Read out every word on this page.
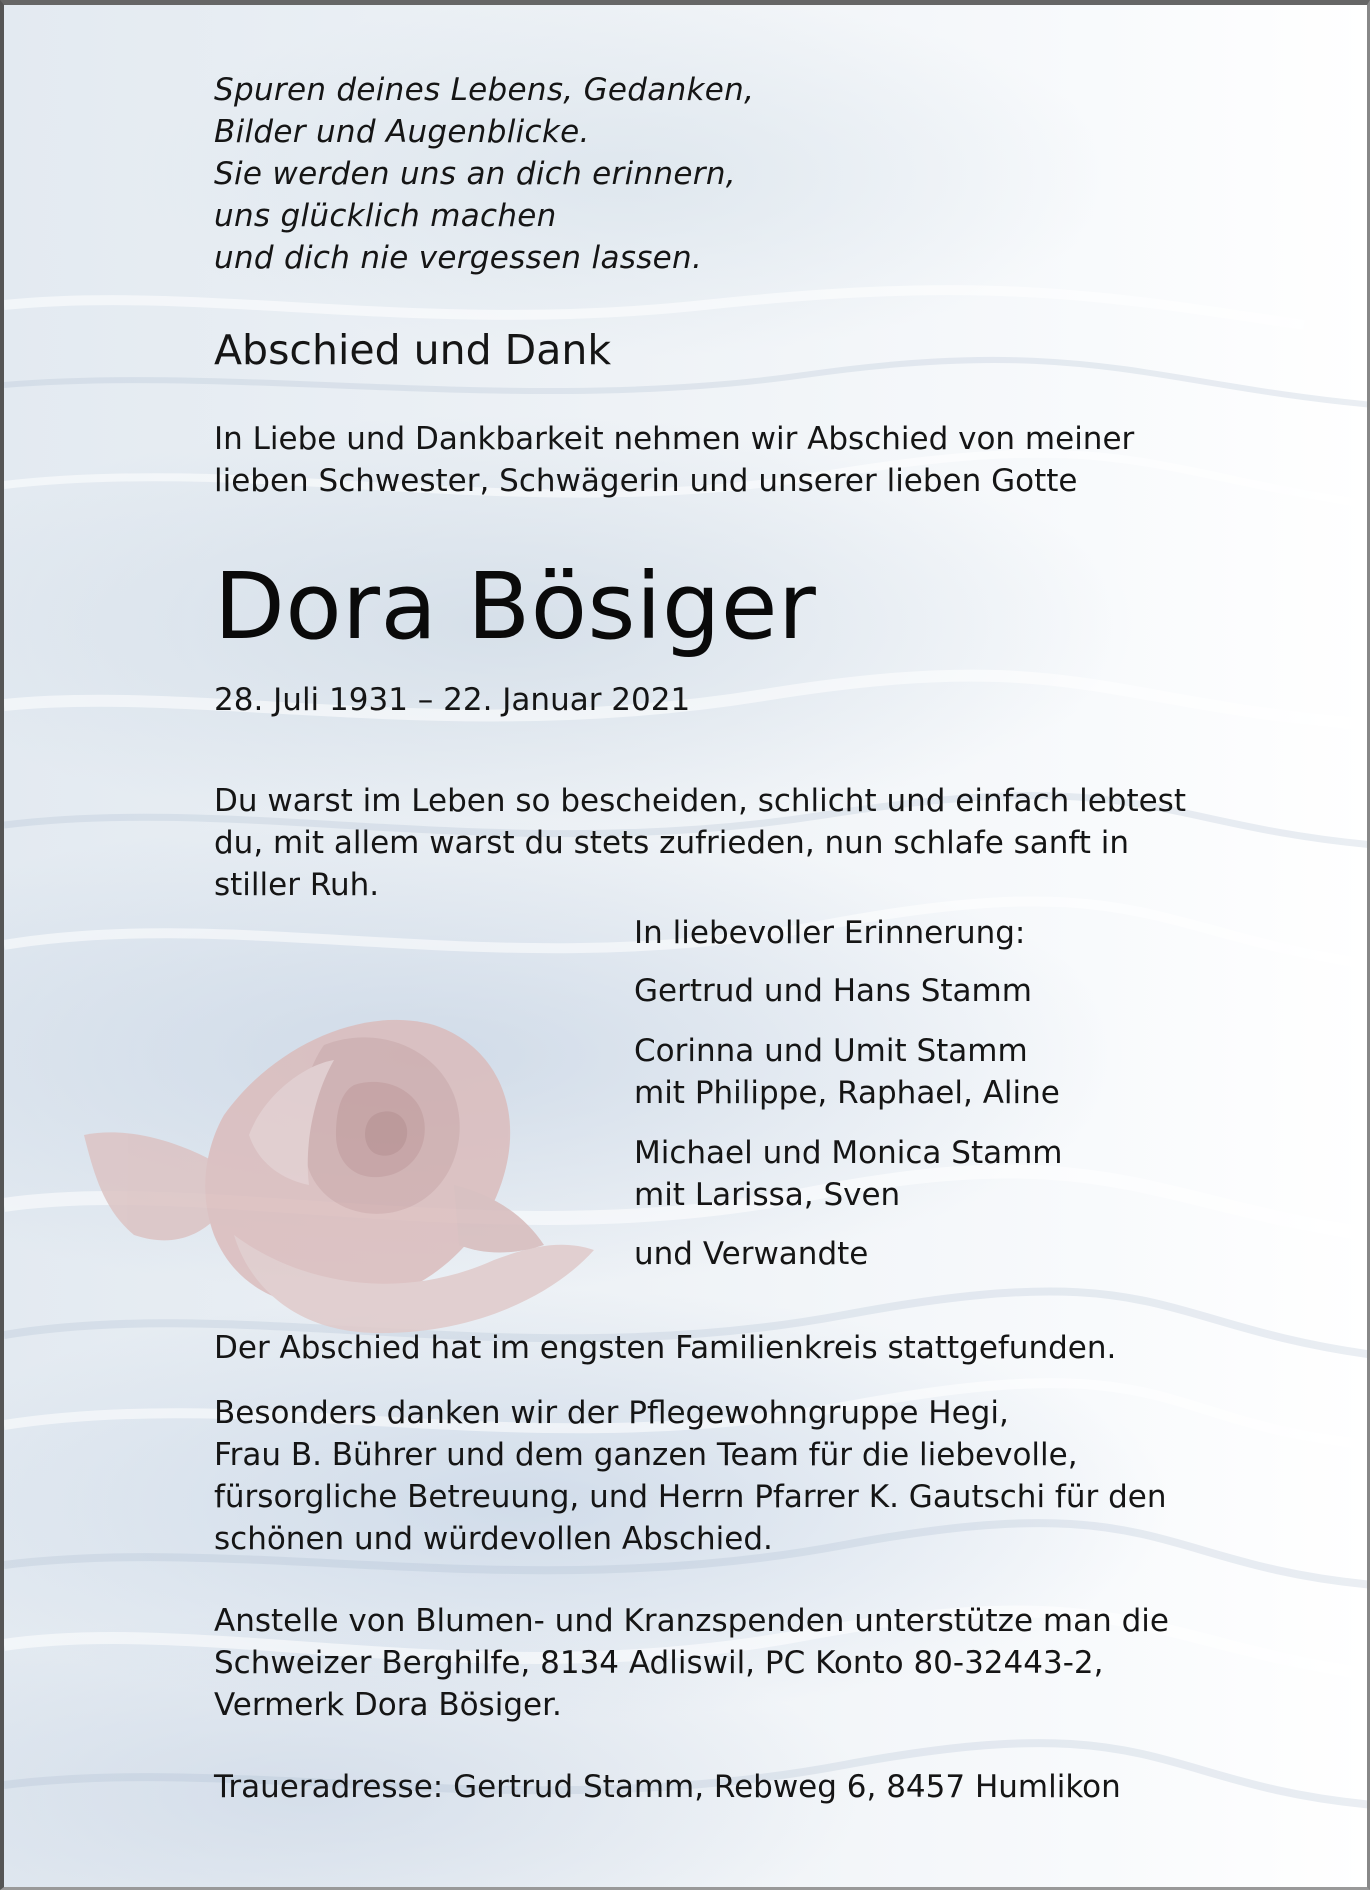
Spuren deines Lebens, Gedanken,

Bilder und Augenblicke.

Sie werden uns an dich erinnern,

uns glücklich machen

und dich nie vergessen lassen.

Abschied und Dank

In Liebe und Dankbarkeit nehmen wir Abschied von meiner

lieben Schwester, Schwägerin und unserer lieben Gotte

Dora Bösiger

28. Juli 1931 – 22. Januar 2021

Du warst im Leben so bescheiden, schlicht und einfach lebtest

du, mit allem warst du stets zufrieden, nun schlafe sanft in

stiller Ruh.

In liebevoller Erinnerung:

Gertrud und Hans Stamm

Corinna und Umit Stamm

mit Philippe, Raphael, Aline

Michael und Monica Stamm

mit Larissa, Sven

und Verwandte

Der Abschied hat im engsten Familienkreis stattgefunden.

Besonders danken wir der Pflegewohngruppe Hegi,

Frau B. Bührer und dem ganzen Team für die liebevolle,

fürsorgliche Betreuung, und Herrn Pfarrer K. Gautschi für den

schönen und würdevollen Abschied.

Anstelle von Blumen- und Kranzspenden unterstütze man die

Schweizer Berghilfe, 8134 Adliswil, PC Konto 80-32443-2,

Vermerk Dora Bösiger.

Traueradresse: Gertrud Stamm, Rebweg 6, 8457 Humlikon
